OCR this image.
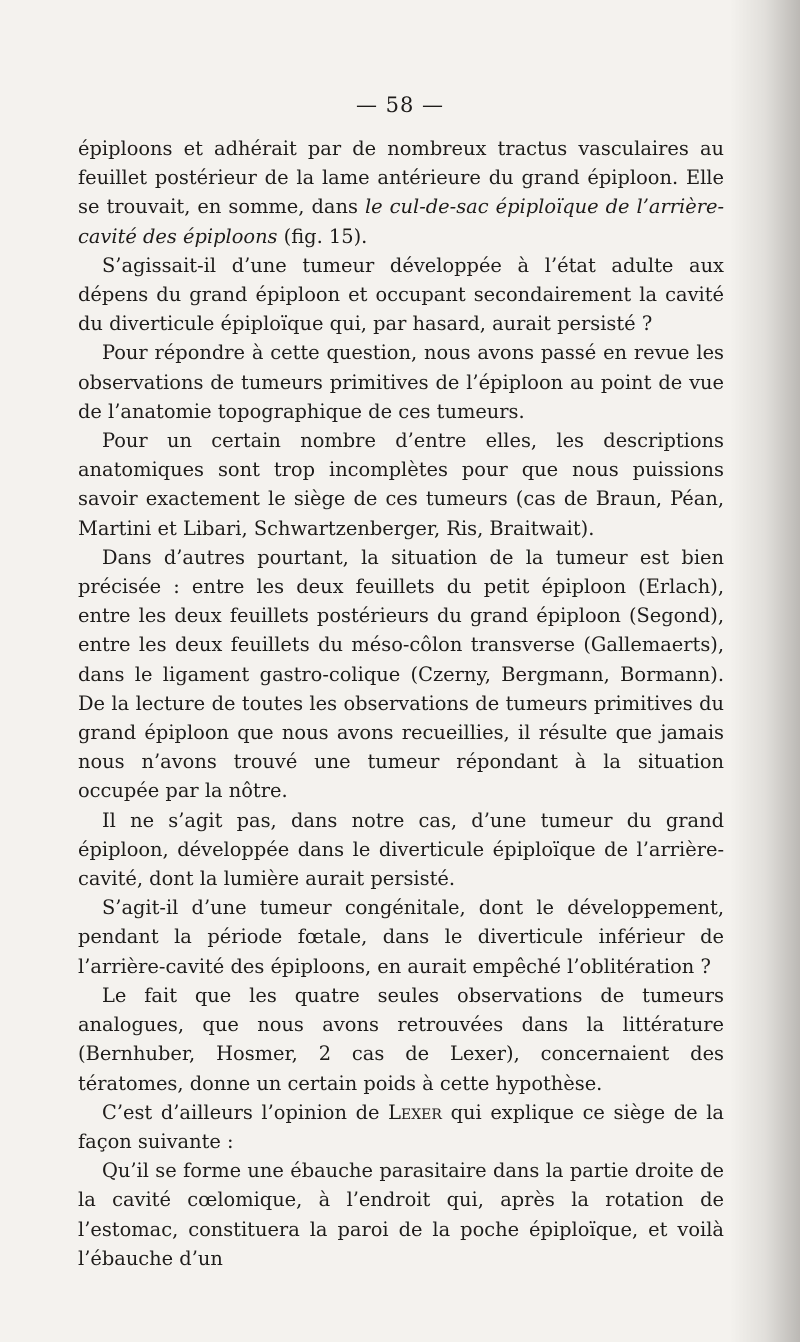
— 58 —

épiploons et adhérait par de nombreux tractus vasculaires au feuillet postérieur de la lame antérieure du grand épiploon. Elle se trouvait, en somme, dans le cul-de-sac épiploïque de l’arrière-cavité des épiploons (fig. 15).

S’agissait-il d’une tumeur développée à l’état adulte aux dépens du grand épiploon et occupant secondairement la cavité du diverticule épiploïque qui, par hasard, aurait persisté ?

Pour répondre à cette question, nous avons passé en revue les observations de tumeurs primitives de l’épiploon au point de vue de l’anatomie topographique de ces tumeurs.

Pour un certain nombre d’entre elles, les descriptions anatomiques sont trop incomplètes pour que nous puissions savoir exactement le siège de ces tumeurs (cas de Braun, Péan, Martini et Libari, Schwartzenberger, Ris, Braitwait).

Dans d’autres pourtant, la situation de la tumeur est bien précisée : entre les deux feuillets du petit épiploon (Erlach), entre les deux feuillets postérieurs du grand épiploon (Segond), entre les deux feuillets du méso-côlon transverse (Gallemaerts), dans le ligament gastro-colique (Czerny, Bergmann, Bormann). De la lecture de toutes les observations de tumeurs primitives du grand épiploon que nous avons recueillies, il résulte que jamais nous n’avons trouvé une tumeur répondant à la situation occupée par la nôtre.

Il ne s’agit pas, dans notre cas, d’une tumeur du grand épiploon, développée dans le diverticule épiploïque de l’arrière-cavité, dont la lumière aurait persisté.

S’agit-il d’une tumeur congénitale, dont le développement, pendant la période fœtale, dans le diverticule inférieur de l’arrière-cavité des épiploons, en aurait empêché l’oblitération ?

Le fait que les quatre seules observations de tumeurs analogues, que nous avons retrouvées dans la littérature (Bernhuber, Hosmer, 2 cas de Lexer), concernaient des tératomes, donne un certain poids à cette hypothèse.

C’est d’ailleurs l’opinion de Lexer qui explique ce siège de la façon suivante :

Qu’il se forme une ébauche parasitaire dans la partie droite de la cavité cœlomique, à l’endroit qui, après la rotation de l’estomac, constituera la paroi de la poche épiploïque, et voilà l’ébauche d’un
